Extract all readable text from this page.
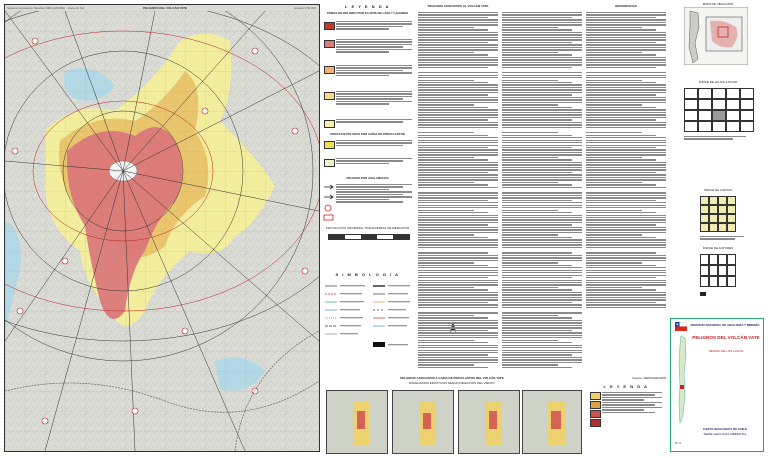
Sistema Geodésico Mundial 1984 (WGS84) · Zona 19 Sur	PELIGROS DEL VOLCÁN YATE	Escala 1:50.000	L E Y E N D A
ZONAS DE PELIGRO POR FLUJOS DE LAVA Y LAHARES
ZONAS DE PELIGRO POR CAÍDA DE PIROCLASTOS
PELIGRO POR AVALANCHAS
PROYECCIÓN UNIVERSAL TRANSVERSAL DE MERCATOR
S I M B O L O G Í A
PELIGROS ASOCIADOS AL VOLCÁN YATE	REFERENCIAS	MAPA DE UBICACIÓN
ÍNDICE DE HOJAS 1:50.000
ÍNDICE DE CARTAS
ÍNDICE DE AUTORES
PELIGROS ASOCIADOS A CAÍDA DE PIROCLASTOS DEL VOLCÁN YATE
ESCENARIOS ERUPTIVOS SEGÚN DIRECCIÓN DEL VIENTO
Fuente: SERNAGEOMIN
L E Y E N D A
SERVICIO NACIONAL DE GEOLOGÍA Y MINERÍA
PELIGROS DEL VOLCÁN YATE
REGIÓN DE LOS LAGOS
CARTA GEOLÓGICA DE CHILE
SERIE GEOLOGÍA AMBIENTAL
N° 2
